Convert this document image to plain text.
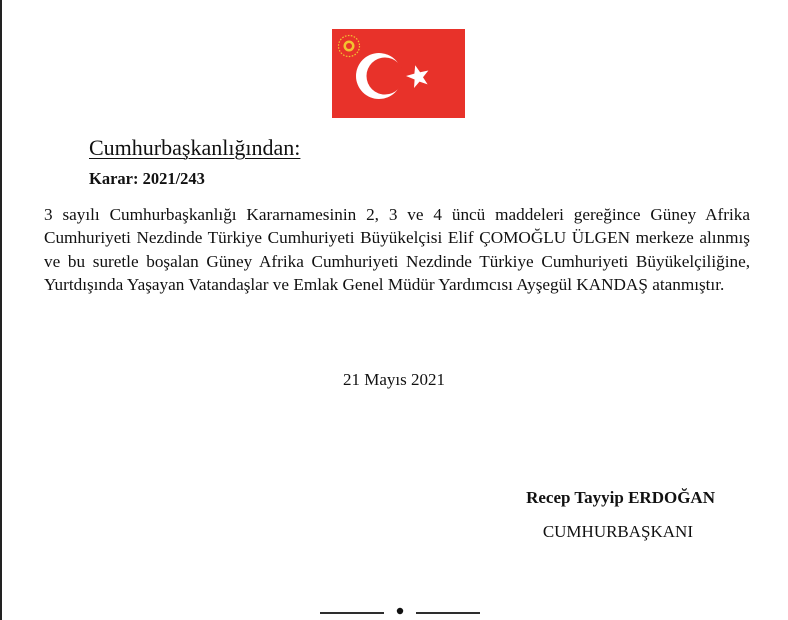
Cumhurbaşkanlığından:
Karar: 2021/243

3 sayılı Cumhurbaşkanlığı Kararnamesinin 2, 3 ve 4 üncü maddeleri gereğince Güney Afrika Cumhuriyeti Nezdinde Türkiye Cumhuriyeti Büyükelçisi Elif ÇOMOĞLU ÜLGEN merkeze alınmış ve bu suretle boşalan Güney Afrika Cumhuriyeti Nezdinde Türkiye Cumhuriyeti Büyükelçiliğine, Yurtdışında Yaşayan Vatandaşlar ve Emlak Genel Müdür Yardımcısı Ayşegül KANDAŞ atanmıştır.

21 Mayıs 2021
Recep Tayyip ERDOĞAN
CUMHURBAŞKANI
